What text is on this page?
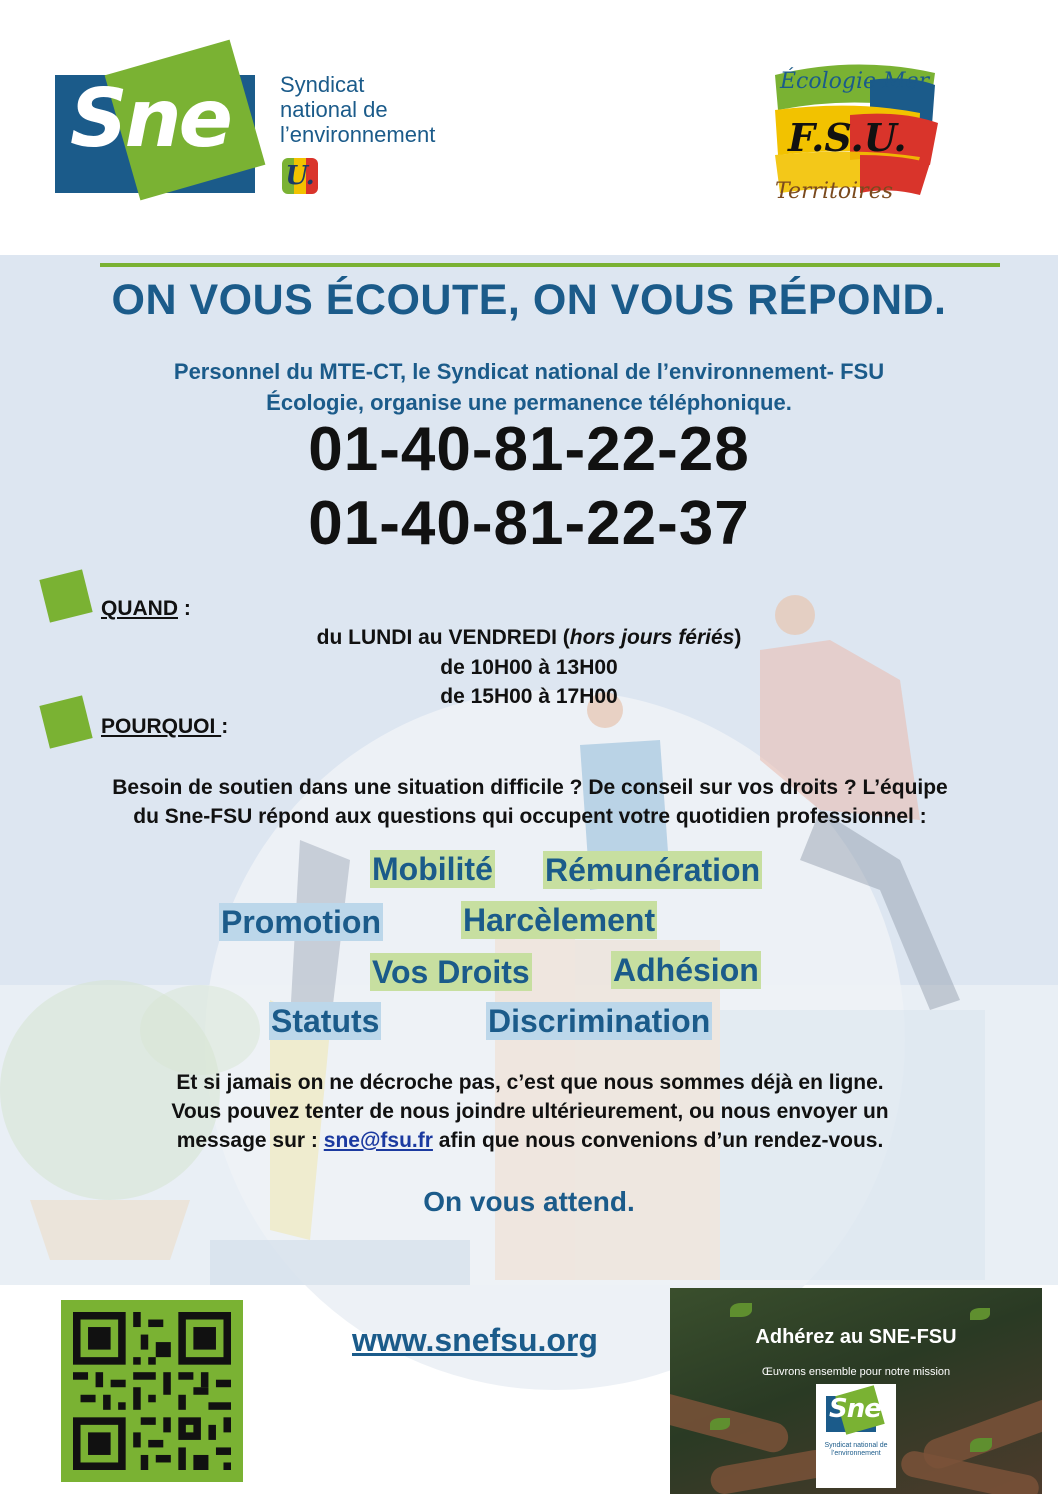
Sne Syndicat
national de
l’environnement
U.
Écologie Mer
F.S.U.
Territoires
ON VOUS ÉCOUTE, ON VOUS RÉPOND.
Personnel du MTE-CT, le Syndicat national de l’environnement- FSU
Écologie, organise une permanence téléphonique.
01-40-81-22-28
01-40-81-22-37
QUAND :
du LUNDI au VENDREDI (hors jours fériés)
de 10H00 à 13H00
de 15H00 à 17H00
POURQUOI :
Besoin de soutien dans une situation difficile ? De conseil sur vos droits ? L’équipe
du Sne-FSU répond aux questions qui occupent votre quotidien professionnel :
Mobilité Rémunération
Promotion	Harcèlement
Vos Droits	Adhésion
Statuts	Discrimination
Et si jamais on ne décroche pas, c’est que nous sommes déjà en ligne.
Vous pouvez tenter de nous joindre ultérieurement, ou nous envoyer un
message sur : sne@fsu.fr afin que nous convenions d’un rendez-vous.
On vous attend.
www.snefsu.org	Adhérez au SNE-FSU
Œuvrons ensemble pour notre mission
Sne
Syndicat national de l’environnement
